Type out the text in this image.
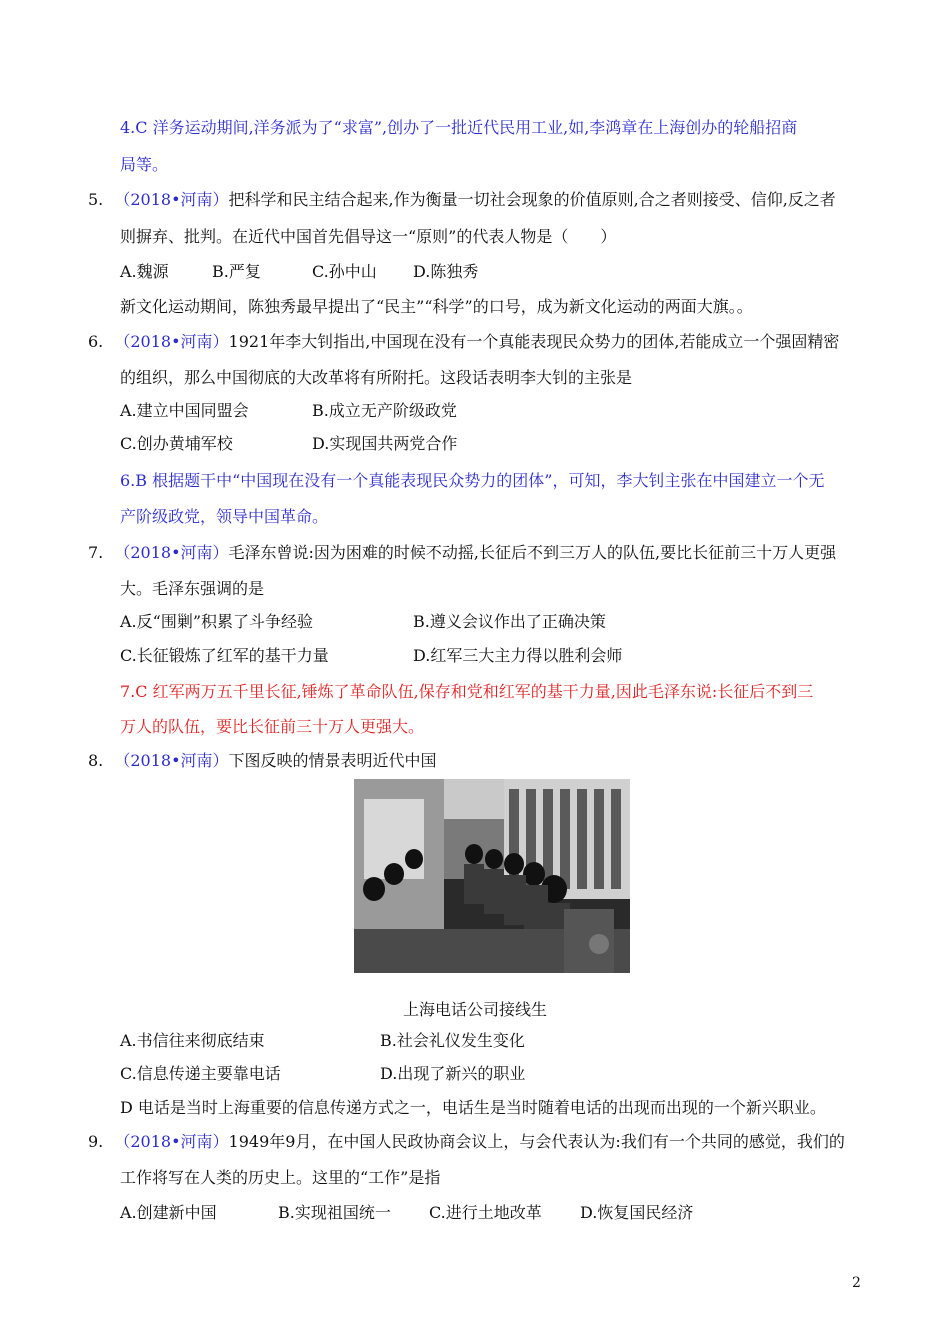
4.C 洋务运动期间,洋务派为了“求富”,创办了一批近代民用工业,如,李鸿章在上海创办的轮船招商
局等。
5. （2018•河南）把科学和民主结合起来,作为衡量一切社会现象的价值原则,合之者则接受、信仰,反之者
则摒弃、批判。在近代中国首先倡导这一“原则”的代表人物是（　　）
A.魏源	B.严复	C.孙中山 D.陈独秀
新文化运动期间，陈独秀最早提出了“民主”“科学”的口号，成为新文化运动的两面大旗。。
6. （2018•河南）1921年李大钊指出,中国现在没有一个真能表现民众势力的团体,若能成立一个强固精密
的组织，那么中国彻底的大改革将有所附托。这段话表明李大钊的主张是
A.建立中国同盟会	B.成立无产阶级政党
C.创办黄埔军校	D.实现国共两党合作
6.B 根据题干中“中国现在没有一个真能表现民众势力的团体”，可知，李大钊主张在中国建立一个无
产阶级政党，领导中国革命。
7. （2018•河南）毛泽东曾说:因为困难的时候不动摇,长征后不到三万人的队伍,要比长征前三十万人更强
大。毛泽东强调的是
A.反“围剿”积累了斗争经验	B.遵义会议作出了正确决策
C.长征锻炼了红军的基干力量	D.红军三大主力得以胜利会师
7.C 红军两万五千里长征,锤炼了革命队伍,保存和党和红军的基干力量,因此毛泽东说:长征后不到三
万人的队伍，要比长征前三十万人更强大。
8. （2018•河南）下图反映的情景表明近代中国
上海电话公司接线生
A.书信往来彻底结束	B.社会礼仪发生变化
C.信息传递主要靠电话	D.出现了新兴的职业
D 电话是当时上海重要的信息传递方式之一，电话生是当时随着电话的出现而出现的一个新兴职业。
9. （2018•河南）1949年9月，在中国人民政协商会议上，与会代表认为:我们有一个共同的感觉，我们的
工作将写在人类的历史上。这里的“工作”是指
A.创建新中国	B.实现祖国统一 C.进行土地改革 D.恢复国民经济
2
